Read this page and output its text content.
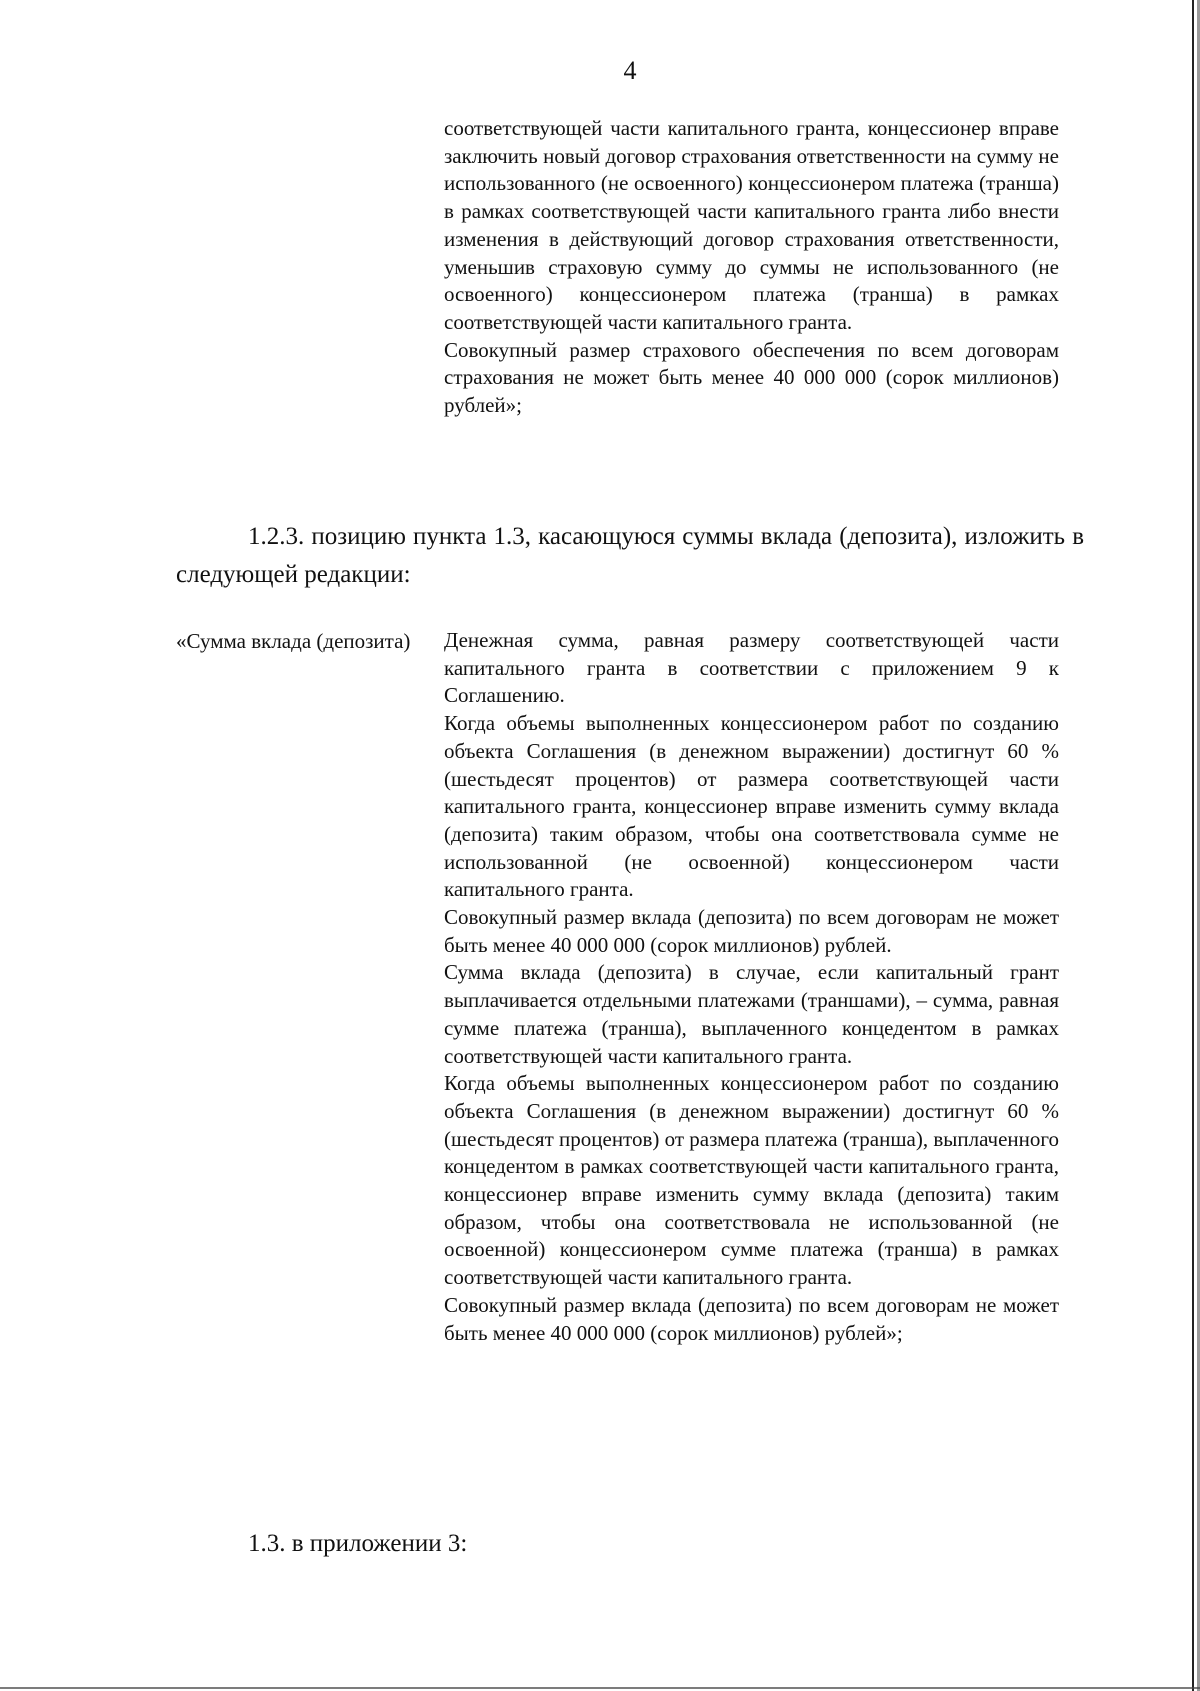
4

соответствующей части капитального гранта, концессионер вправе заключить новый договор страхования ответственности на сумму не использованного (не освоенного) концессионером платежа (транша) в рамках соответствующей части капитального гранта либо внести изменения в действующий договор страхования ответственности, уменьшив страховую сумму до суммы не использованного (не освоенного) концессионером платежа (транша) в рамках соответствующей части капитального гранта.

Совокупный размер страхового обеспечения по всем договорам страхования не может быть менее 40 000 000 (сорок миллионов) рублей»;

1.2.3. позицию пункта 1.3, касающуюся суммы вклада (депозита), изложить в следующей редакции:

«Сумма вклада (депозита)	Денежная сумма, равная размеру соответствующей части капитального гранта в соответствии с приложением 9 к Соглашению.

Когда объемы выполненных концессионером работ по созданию объекта Соглашения (в денежном выражении) достигнут 60 % (шестьдесят процентов) от размера соответствующей части капитального гранта, концессионер вправе изменить сумму вклада (депозита) таким образом, чтобы она соответствовала сумме не использованной (не освоенной) концессионером части капитального гранта.

Совокупный размер вклада (депозита) по всем договорам не может быть менее 40 000 000 (сорок миллионов) рублей.

Сумма вклада (депозита) в случае, если капитальный грант выплачивается отдельными платежами (траншами), – сумма, равная сумме платежа (транша), выплаченного концедентом в рамках соответствующей части капитального гранта.

Когда объемы выполненных концессионером работ по созданию объекта Соглашения (в денежном выражении) достигнут 60 % (шестьдесят процентов) от размера платежа (транша), выплаченного концедентом в рамках соответствующей части капитального гранта, концессионер вправе изменить сумму вклада (депозита) таким образом, чтобы она соответствовала не использованной (не освоенной) концессионером сумме платежа (транша) в рамках соответствующей части капитального гранта.

Совокупный размер вклада (депозита) по всем договорам не может быть менее 40 000 000 (сорок миллионов) рублей»;

1.3. в приложении 3:
